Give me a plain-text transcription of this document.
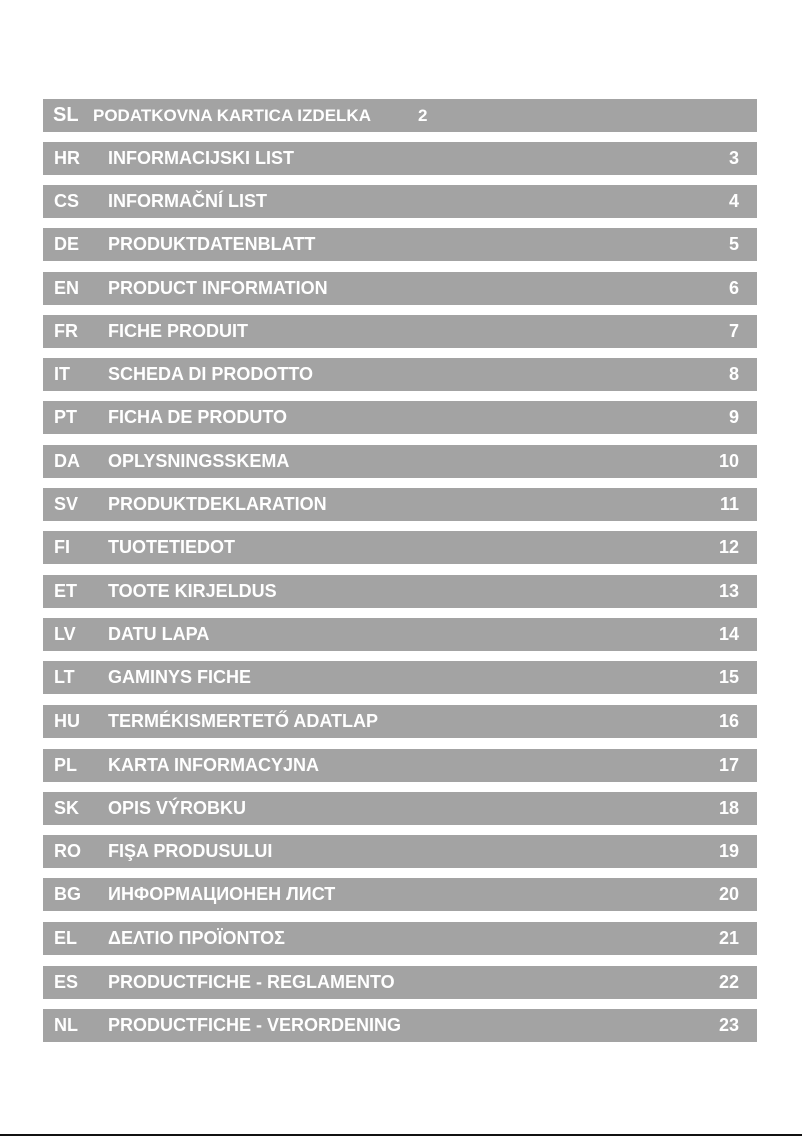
SL PODATKOVNA KARTICA IZDELKA	2
HR INFORMACIJSKI LIST	3
CS INFORMAČNÍ LIST	4
DE PRODUKTDATENBLATT	5
EN PRODUCT INFORMATION	6
FR FICHE PRODUIT	7
IT SCHEDA DI PRODOTTO	8
PT FICHA DE PRODUTO	9
DA OPLYSNINGSSKEMA	10
SV PRODUKTDEKLARATION	11
FI TUOTETIEDOT	12
ET TOOTE KIRJELDUS	13
LV DATU LAPA	14
LT GAMINYS FICHE	15
HU TERMÉKISMERTETŐ ADATLAP	16
PL KARTA INFORMACYJNA	17
SK OPIS VÝROBKU	18
RO FIŞA PRODUSULUI	19
BG ИНФОРМАЦИОНЕН ЛИСТ	20
EL ΔΕΛΤΙΟ ΠΡΟΪΟΝΤΟΣ	21
ES PRODUCTFICHE - REGLAMENTO	22
NL PRODUCTFICHE - VERORDENING	23
